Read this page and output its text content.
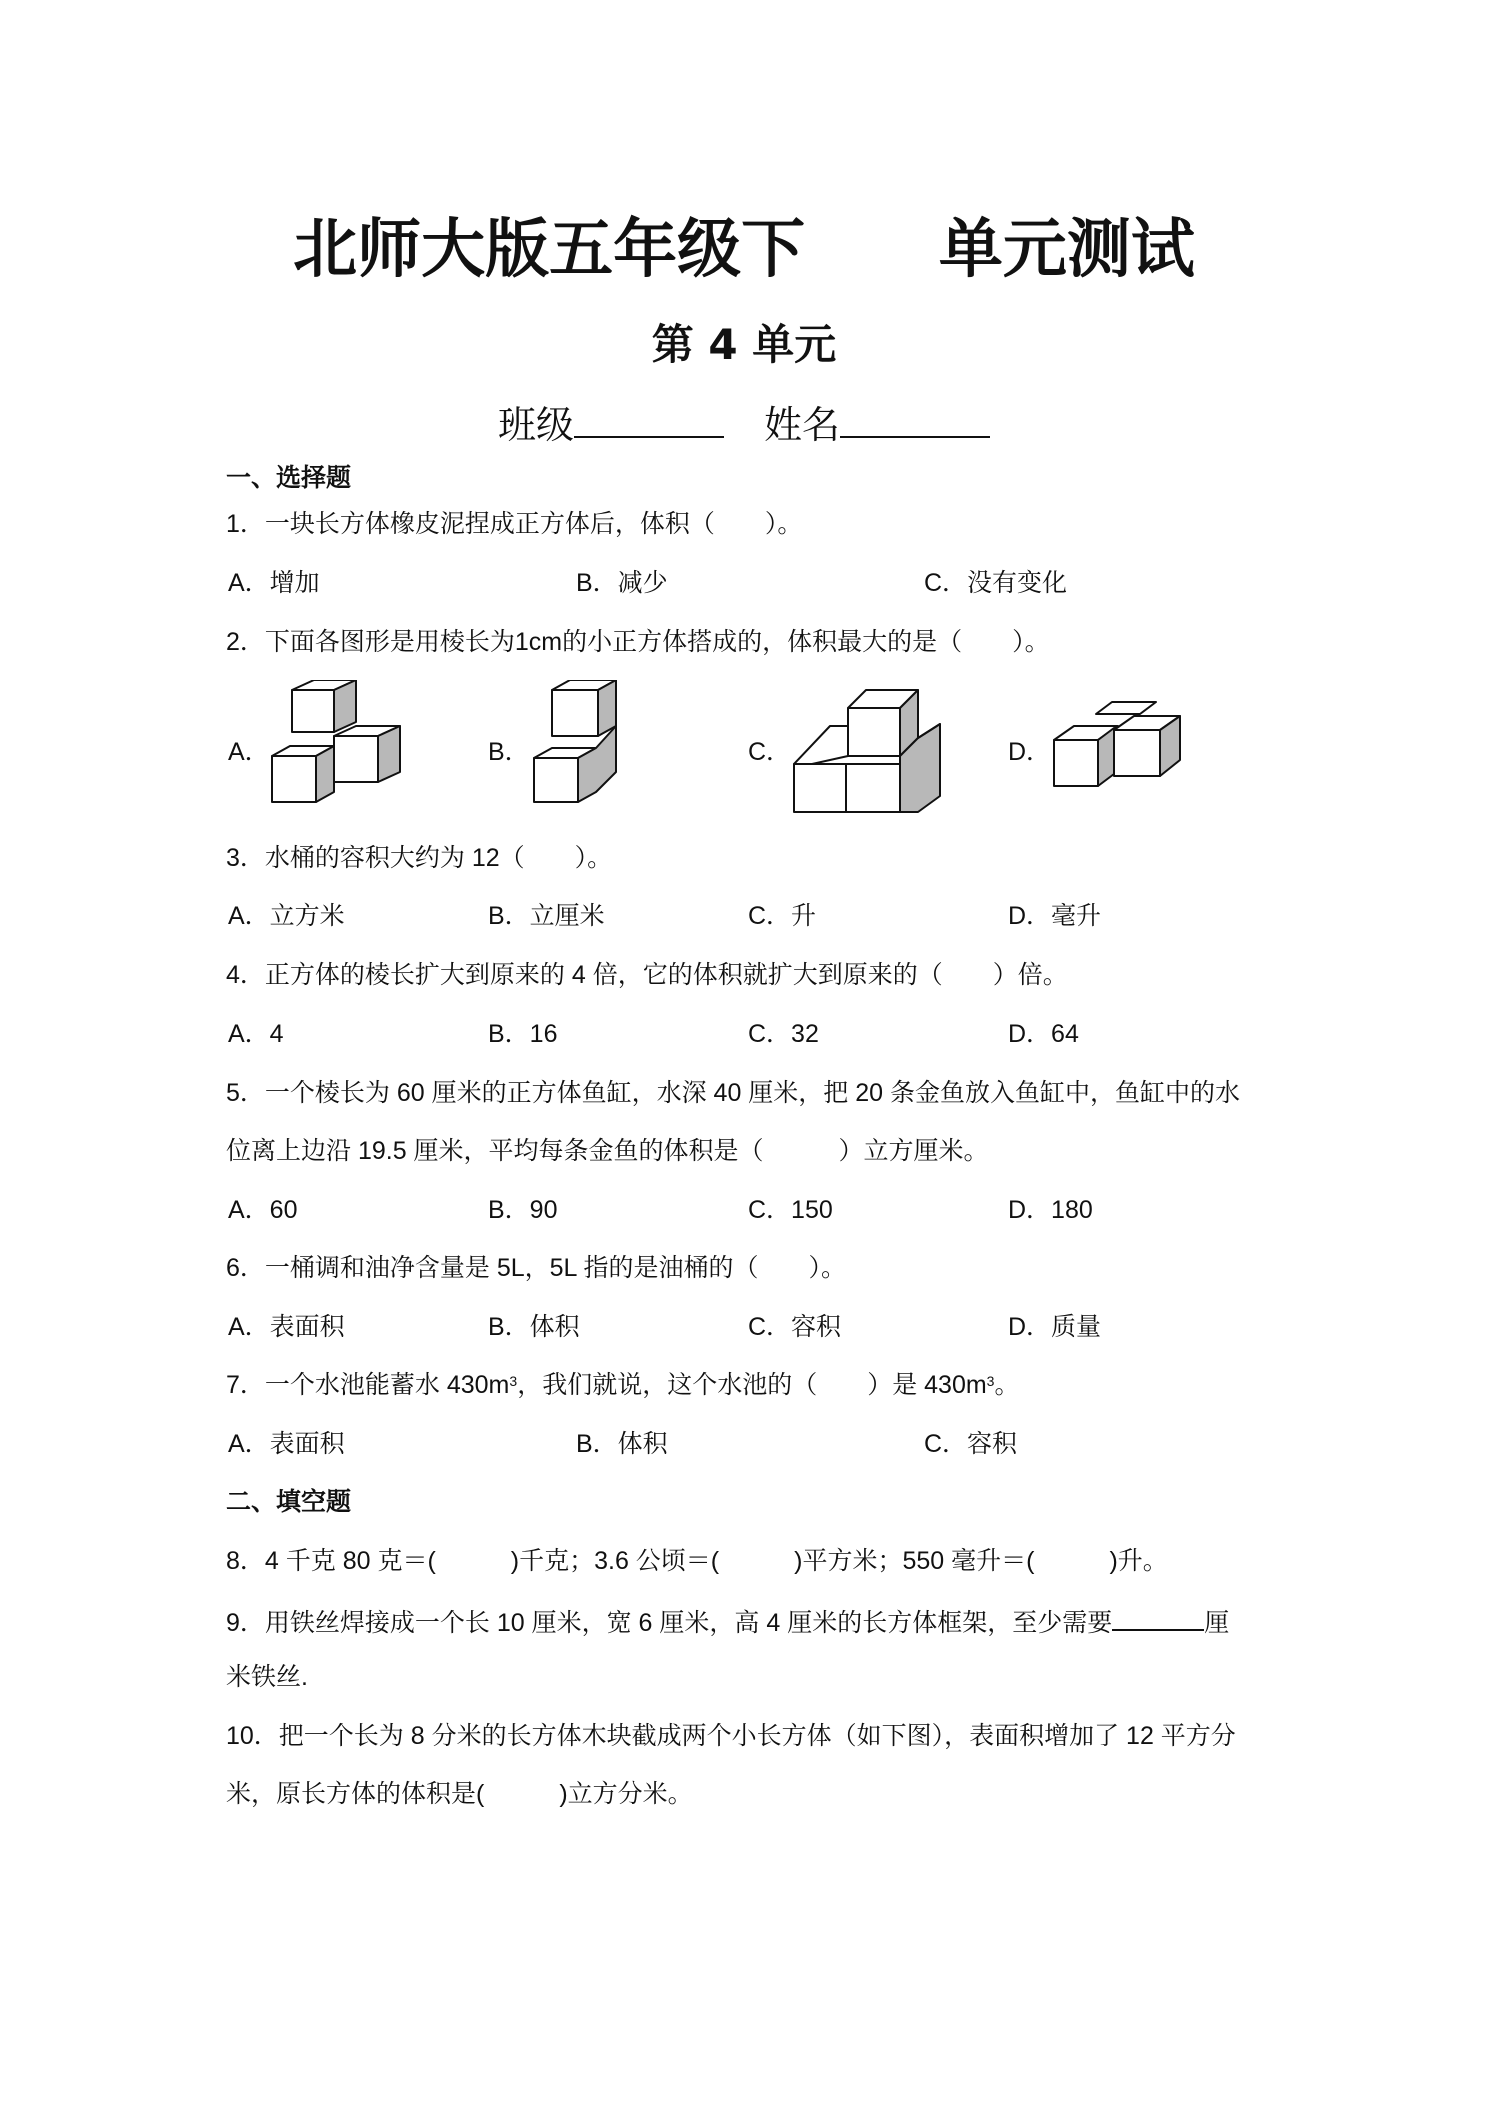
北师大版五年级下      单元测试
第 4 单元
班级	姓名
一、选择题
1．一块长方体橡皮泥捏成正方体后，体积（　　）。
A．增加	B．减少	C．没有变化
2．下面各图形是用棱长为1cm的小正方体搭成的，体积最大的是（　　）。
A．	B．	C．	D．
3．水桶的容积大约为 12（　　）。
A．立方米	B．立厘米	C．升	D．毫升
4．正方体的棱长扩大到原来的 4 倍，它的体积就扩大到原来的（　　）倍。
A．4	B．16	C．32	D．64
5．一个棱长为 60 厘米的正方体鱼缸，水深 40 厘米，把 20 条金鱼放入鱼缸中，鱼缸中的水
位离上边沿 19.5 厘米，平均每条金鱼的体积是（　　　）立方厘米。
A．60	B．90	C．150	D．180
6．一桶调和油净含量是 5L，5L 指的是油桶的（　　）。
A．表面积	B．体积	C．容积	D．质量
7．一个水池能蓄水 $430m^3$，我们就说，这个水池的（　　）是 $430m^3$。
A．表面积	B．体积	C．容积
二、填空题
8．4 千克 80 克＝(　　　)千克；3.6 公顷＝(　　　)平方米；550 毫升＝(　　　)升。
9．用铁丝焊接成一个长 10 厘米，宽 6 厘米，高 4 厘米的长方体框架，至少需要	厘
米铁丝.
10．把一个长为 8 分米的长方体木块截成两个小长方体（如下图），表面积增加了 12 平方分
米，原长方体的体积是(　　　)立方分米。
